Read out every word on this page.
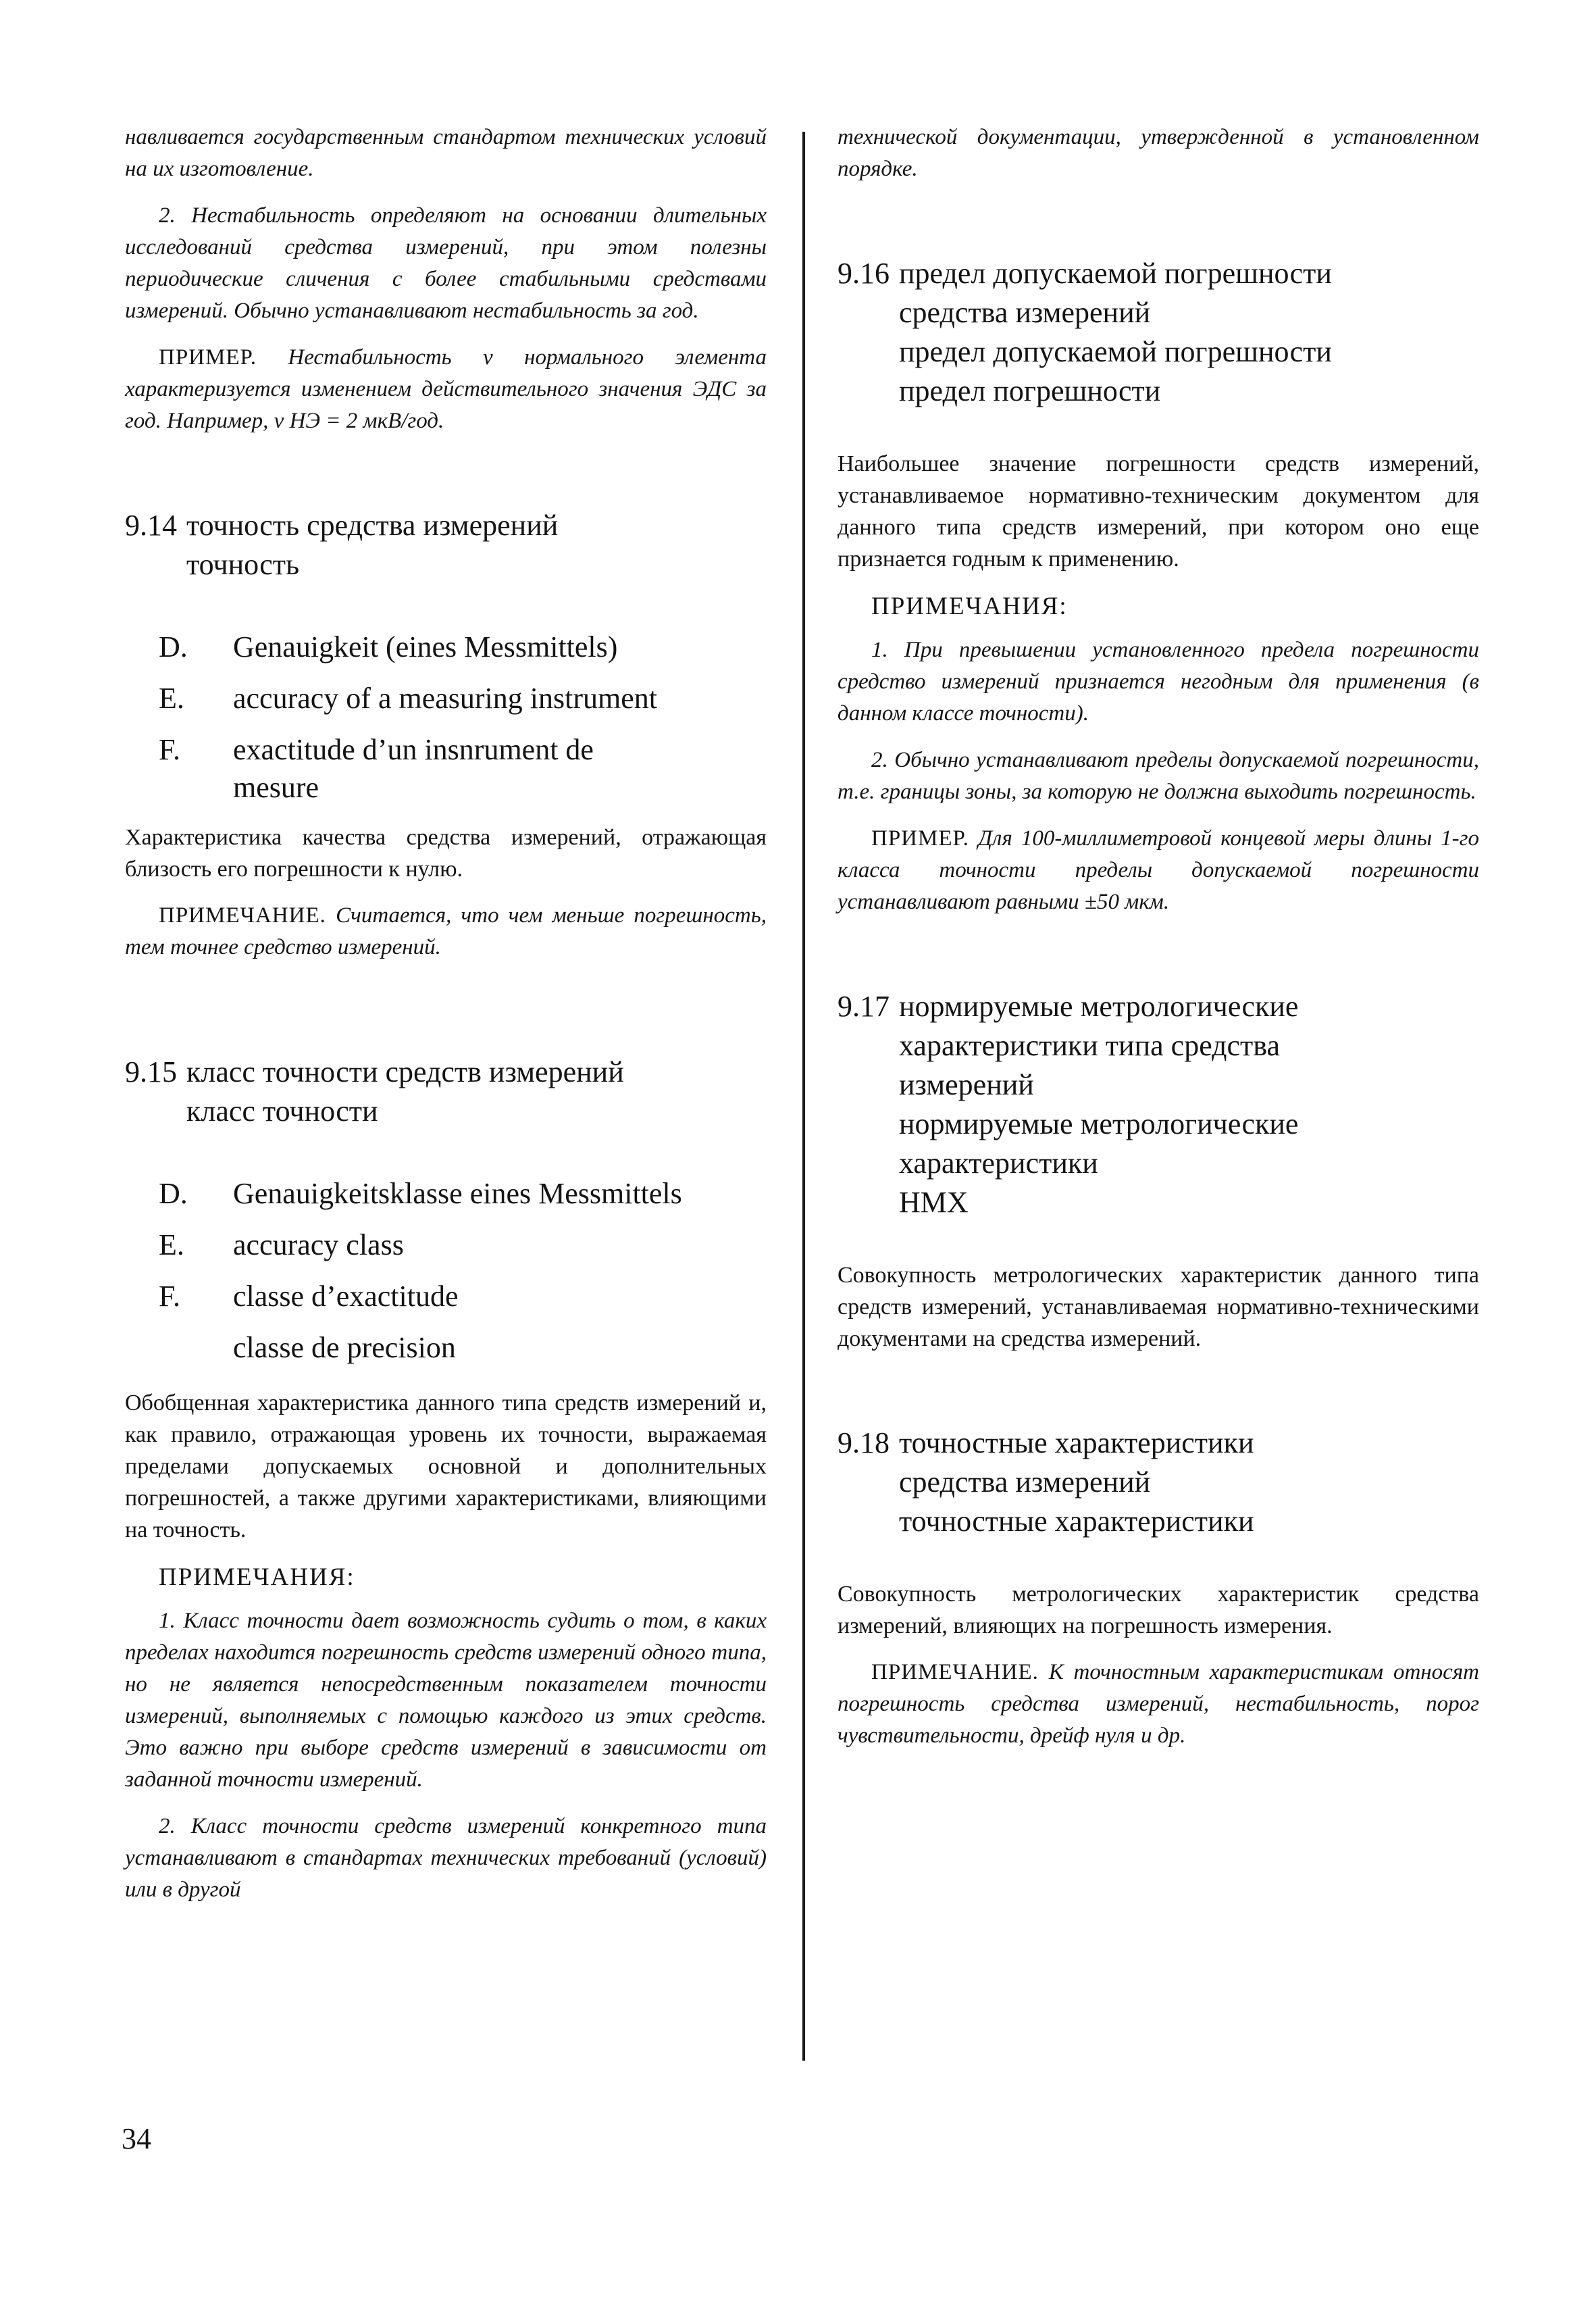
навливается государственным стандартом технических условий на их изготовление.

2. Нестабильность определяют на основании длительных исследований средства измерений, при этом полезны периодические сличения с более стабильными средствами измерений. Обычно устанавливают нестабильность за год.

ПРИМЕР. Нестабильность ν нормального элемента характеризуется изменением действительного значения ЭДС за год. Например, ν НЭ = 2 мкВ/год.

9.14 точность средства измерений
точность
D.	Genauigkeit (eines Messmittels)
E.	accuracy of a measuring instrument
F.	exactitude d’un insnrument de
mesure

Характеристика качества средства измерений, отражающая близость его погрешности к нулю.

ПРИМЕЧАНИЕ. Считается, что чем меньше погрешность, тем точнее средство измерений.

9.15 класс точности средств измерений
класс точности
D.	Genauigkeitsklasse eines Messmittels
E.	accuracy class
F.	classe d’exactitude
classe de precision

Обобщенная характеристика данного типа средств измерений и, как правило, отражающая уровень их точности, выражаемая пределами допускаемых основной и дополнительных погрешностей, а также другими характеристиками, влияющими на точность.

ПРИМЕЧАНИЯ:

1. Класс точности дает возможность судить о том, в каких пределах находится погрешность средств измерений одного типа, но не является непосредственным показателем точности измерений, выполняемых с помощью каждого из этих средств. Это важно при выборе средств измерений в зависимости от заданной точности измерений.

2. Класс точности средств измерений конкретного типа устанавливают в стандартах технических требований (условий) или в другой

технической документации, утвержденной в установленном порядке.

9.16 предел допускаемой погрешности
средства измерений
предел допускаемой погрешности
предел погрешности

Наибольшее значение погрешности средств измерений, устанавливаемое нормативно-техническим документом для данного типа средств измерений, при котором оно еще признается годным к применению.

ПРИМЕЧАНИЯ:

1. При превышении установленного предела погрешности средство измерений признается негодным для применения (в данном классе точности).

2. Обычно устанавливают пределы допускаемой погрешности, т.е. границы зоны, за которую не должна выходить погрешность.

ПРИМЕР. Для 100-миллиметровой концевой меры длины 1-го класса точности пределы допускаемой погрешности устанавливают равными ±50 мкм.

9.17 нормируемые метрологические
характеристики типа средства
измерений
нормируемые метрологические
характеристики
НМХ

Совокупность метрологических характеристик данного типа средств измерений, устанавливаемая нормативно-техническими документами на средства измерений.

9.18 точностные характеристики
средства измерений
точностные характеристики

Совокупность метрологических характеристик средства измерений, влияющих на погрешность измерения.

ПРИМЕЧАНИЕ. К точностным характеристикам относят погрешность средства измерений, нестабильность, порог чувствительности, дрейф нуля и др.

34
